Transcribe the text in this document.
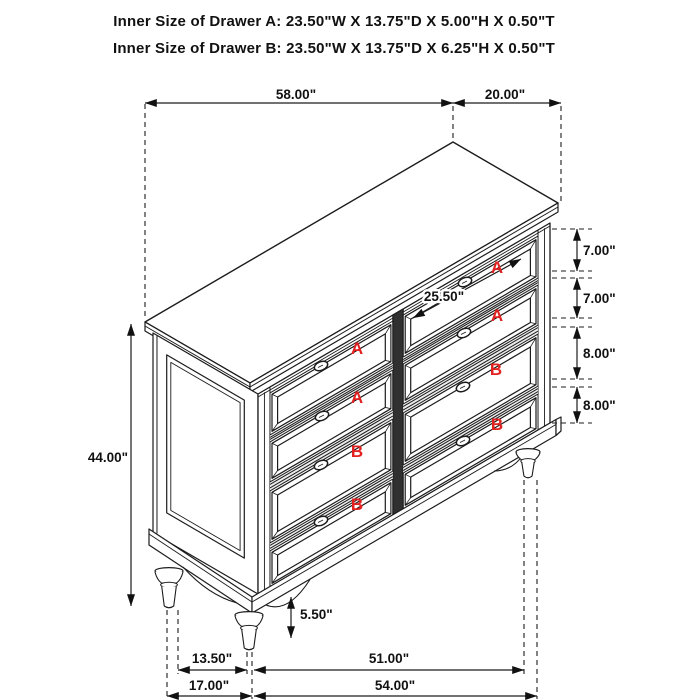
Inner Size of Drawer A: 23.50"W X 13.75"D X 5.00"H X 0.50"T
Inner Size of Drawer B: 23.50"W X 13.75"D X 6.25"H X 0.50"T
58.00"	20.00"
7.00"
7.00"
8.00"
8.00"
44.00"
25.50"
5.50"
13.50"	51.00"
17.00"	54.00"
A
A
B
B
A
A
B
B
